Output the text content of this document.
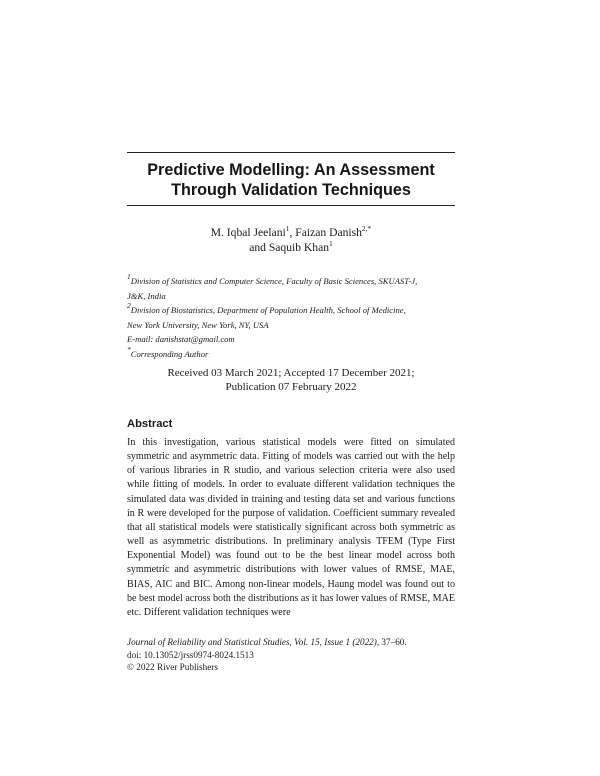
Predictive Modelling: An Assessment
Through Validation Techniques
M. Iqbal Jeelani$^1$, Faizan Danish$^{2,*}$
and Saquib Khan$^1$
$^1$Division of Statistics and Computer Science, Faculty of Basic Sciences, SKUAST-J,
J&K, India
$^2$Division of Biostatistics, Department of Population Health, School of Medicine,
New York University, New York, NY, USA
E-mail: danishstat@gmail.com
*Corresponding Author
Received 03 March 2021; Accepted 17 December 2021;
Publication 07 February 2022
Abstract
In this investigation, various statistical models were fitted on simulated symmetric and asymmetric data. Fitting of models was carried out with the help of various libraries in R studio, and various selection criteria were also used while fitting of models. In order to evaluate different validation techniques the simulated data was divided in training and testing data set and various functions in R were developed for the purpose of validation. Coefficient summary revealed that all statistical models were statistically significant across both symmetric as well as asymmetric distributions. In preliminary analysis TFEM (Type First Exponential Model) was found out to be the best linear model across both symmetric and asymmetric distributions with lower values of RMSE, MAE, BIAS, AIC and BIC. Among non-linear models, Haung model was found out to be best model across both the distributions as it has lower values of RMSE, MAE etc. Different validation techniques were
Journal of Reliability and Statistical Studies, Vol. 15, Issue 1 (2022), 37–60.
doi: 10.13052/jrss0974-8024.1513
© 2022 River Publishers
